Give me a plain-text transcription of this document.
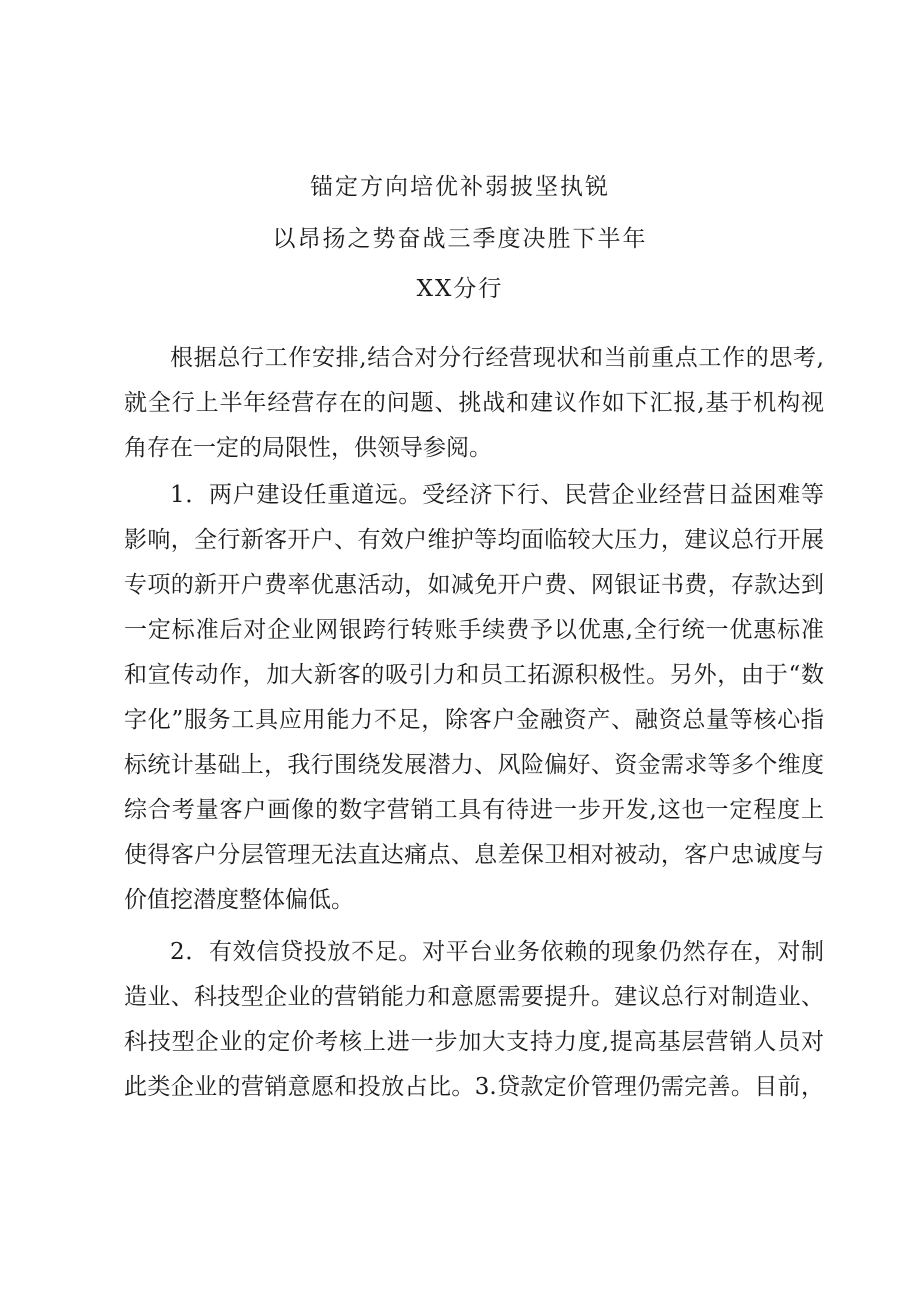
锚定方向培优补弱披坚执锐
以昂扬之势奋战三季度决胜下半年
XX分行
根据总行工作安排,结合对分行经营现状和当前重点工作的思考,
就全行上半年经营存在的问题、挑战和建议作如下汇报,基于机构视
角存在一定的局限性，供领导参阅。
1．两户建设任重道远。受经济下行、民营企业经营日益困难等
影响，全行新客开户、有效户维护等均面临较大压力，建议总行开展
专项的新开户费率优惠活动，如减免开户费、网银证书费，存款达到
一定标准后对企业网银跨行转账手续费予以优惠,全行统一优惠标准
和宣传动作，加大新客的吸引力和员工拓源积极性。另外，由于“数
字化”服务工具应用能力不足，除客户金融资产、融资总量等核心指
标统计基础上，我行围绕发展潜力、风险偏好、资金需求等多个维度
综合考量客户画像的数字营销工具有待进一步开发,这也一定程度上
使得客户分层管理无法直达痛点、息差保卫相对被动，客户忠诚度与
价值挖潜度整体偏低。
2．有效信贷投放不足。对平台业务依赖的现象仍然存在，对制
造业、科技型企业的营销能力和意愿需要提升。建议总行对制造业、
科技型企业的定价考核上进一步加大支持力度,提高基层营销人员对
此类企业的营销意愿和投放占比。3.贷款定价管理仍需完善。目前，
